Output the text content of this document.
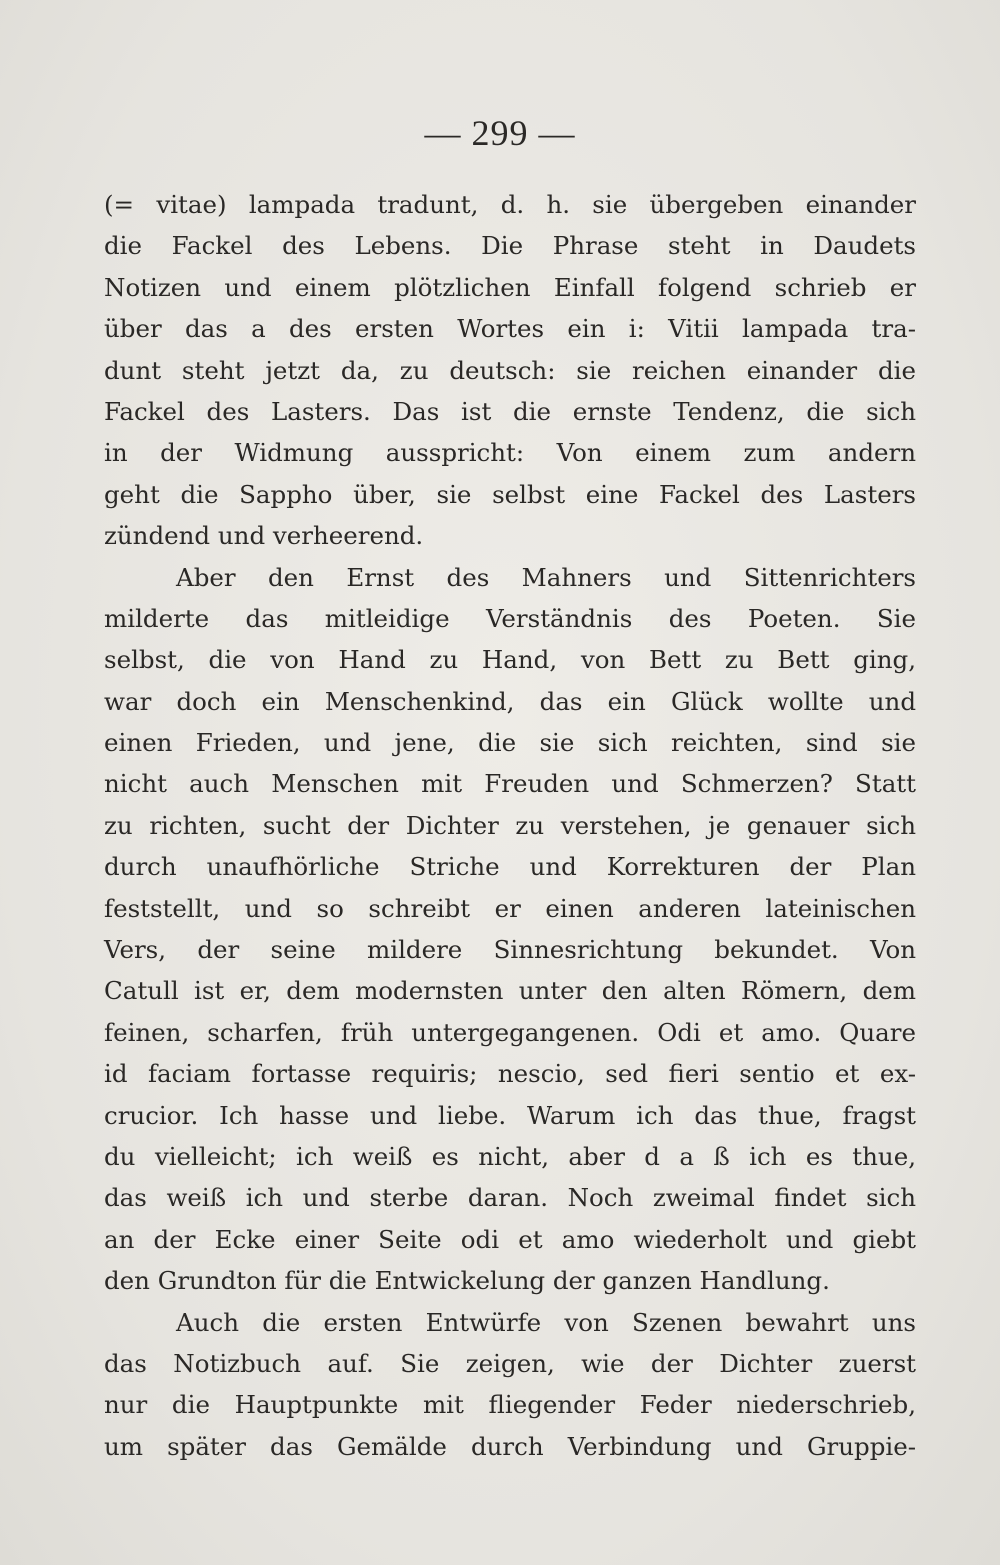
— 299 —
(= vitae) lampada tradunt, d. h. sie übergeben einander
die Fackel des Lebens. Die Phrase steht in Daudets
Notizen und einem plötzlichen Einfall folgend schrieb er
über das a des ersten Wortes ein i: Vitii lampada tra-
dunt steht jetzt da, zu deutsch: sie reichen einander die
Fackel des Lasters. Das ist die ernste Tendenz, die sich
in der Widmung ausspricht: Von einem zum andern
geht die Sappho über, sie selbst eine Fackel des Lasters
zündend und verheerend.
Aber den Ernst des Mahners und Sittenrichters
milderte das mitleidige Verständnis des Poeten. Sie
selbst, die von Hand zu Hand, von Bett zu Bett ging,
war doch ein Menschenkind, das ein Glück wollte und
einen Frieden, und jene, die sie sich reichten, sind sie
nicht auch Menschen mit Freuden und Schmerzen? Statt
zu richten, sucht der Dichter zu verstehen, je genauer sich
durch unaufhörliche Striche und Korrekturen der Plan
feststellt, und so schreibt er einen anderen lateinischen
Vers, der seine mildere Sinnesrichtung bekundet. Von
Catull ist er, dem modernsten unter den alten Römern, dem
feinen, scharfen, früh untergegangenen. Odi et amo. Quare
id faciam fortasse requiris; nescio, sed fieri sentio et ex-
crucior. Ich hasse und liebe. Warum ich das thue, fragst
du vielleicht; ich weiß es nicht, aber d a ß ich es thue,
das weiß ich und sterbe daran. Noch zweimal findet sich
an der Ecke einer Seite odi et amo wiederholt und giebt
den Grundton für die Entwickelung der ganzen Handlung.
Auch die ersten Entwürfe von Szenen bewahrt uns
das Notizbuch auf. Sie zeigen, wie der Dichter zuerst
nur die Hauptpunkte mit fliegender Feder niederschrieb,
um später das Gemälde durch Verbindung und Gruppie-
